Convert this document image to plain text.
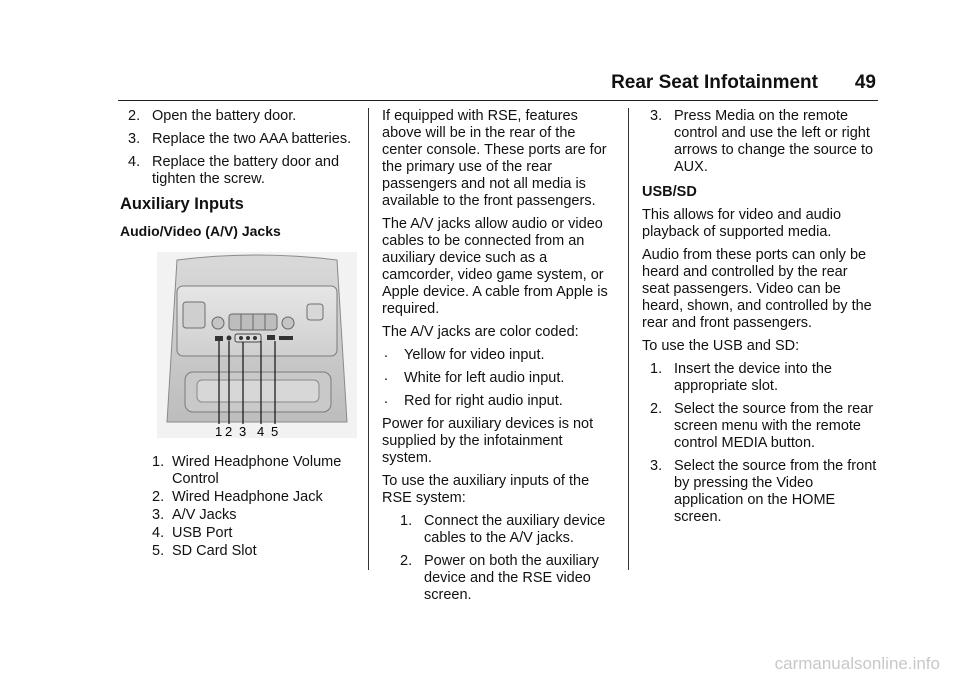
Rear Seat Infotainment 49
2. Open the battery door.
3. Replace the two AAA batteries.
4. Replace the battery door and tighten the screw.
Auxiliary Inputs
Audio/Video (A/V) Jacks
1 2 3 4 5
1. Wired Headphone Volume Control
2. Wired Headphone Jack
3. A/V Jacks
4. USB Port
5. SD Card Slot

If equipped with RSE, features above will be in the rear of the center console. These ports are for the primary use of the rear passengers and not all media is available to the front passengers.

The A/V jacks allow audio or video cables to be connected from an auxiliary device such as a camcorder, video game system, or Apple device. A cable from Apple is required.

The A/V jacks are color coded:

. Yellow for video input.
. White for left audio input.
. Red for right audio input.

Power for auxiliary devices is not supplied by the infotainment system.

To use the auxiliary inputs of the RSE system:

1. Connect the auxiliary device cables to the A/V jacks.
2. Power on both the auxiliary device and the RSE video screen.
3. Press Media on the remote control and use the left or right arrows to change the source to AUX.
USB/SD

This allows for video and audio playback of supported media.

Audio from these ports can only be heard and controlled by the rear seat passengers. Video can be heard, shown, and controlled by the rear and front passengers.

To use the USB and SD:

1. Insert the device into the appropriate slot.
2. Select the source from the rear screen menu with the remote control MEDIA button.
3. Select the source from the front by pressing the Video application on the HOME screen.
carmanualsonline.info
